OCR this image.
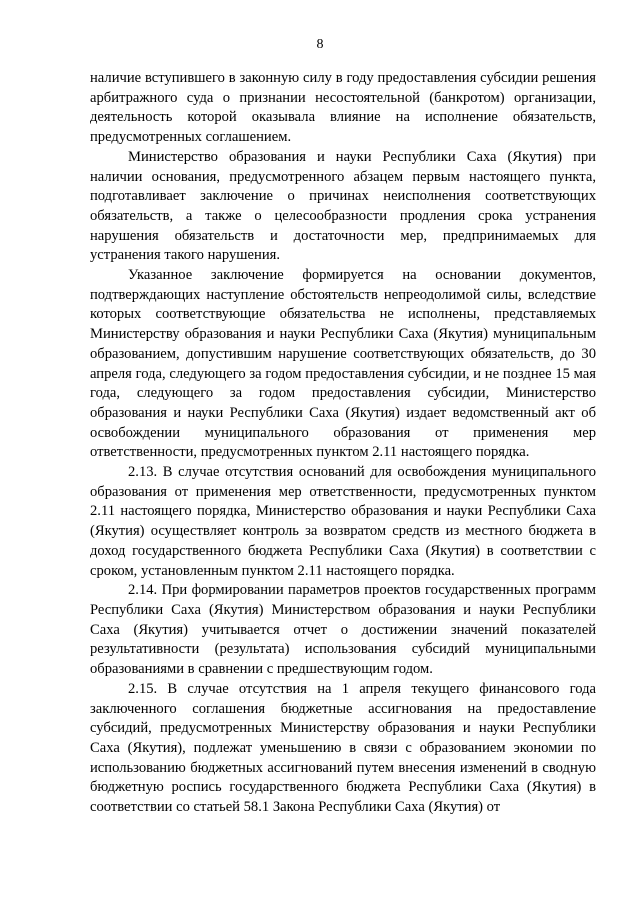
8

наличие вступившего в законную силу в году предоставления субсидии решения арбитражного суда о признании несостоятельной (банкротом) организации, деятельность которой оказывала влияние на исполнение обязательств, предусмотренных соглашением.

Министерство образования и науки Республики Саха (Якутия) при наличии основания, предусмотренного абзацем первым настоящего пункта, подготавливает заключение о причинах неисполнения соответствующих обязательств, а также о целесообразности продления срока устранения нарушения обязательств и достаточности мер, предпринимаемых для устранения такого нарушения.

Указанное заключение формируется на основании документов, подтверждающих наступление обстоятельств непреодолимой силы, вследствие которых соответствующие обязательства не исполнены, представляемых Министерству образования и науки Республики Саха (Якутия) муниципальным образованием, допустившим нарушение соответствующих обязательств, до 30 апреля года, следующего за годом предоставления субсидии, и не позднее 15 мая года, следующего за годом предоставления субсидии, Министерство образования и науки Республики Саха (Якутия) издает ведомственный акт об освобождении муниципального образования от применения мер ответственности, предусмотренных пунктом 2.11 настоящего порядка.

2.13. В случае отсутствия оснований для освобождения муниципального образования от применения мер ответственности, предусмотренных пунктом 2.11 настоящего порядка, Министерство образования и науки Республики Саха (Якутия) осуществляет контроль за возвратом средств из местного бюджета в доход государственного бюджета Республики Саха (Якутия) в соответствии с сроком, установленным пунктом 2.11 настоящего порядка.

2.14. При формировании параметров проектов государственных программ Республики Саха (Якутия) Министерством образования и науки Республики Саха (Якутия) учитывается отчет о достижении значений показателей результативности (результата) использования субсидий муниципальными образованиями в сравнении с предшествующим годом.

2.15. В случае отсутствия на 1 апреля текущего финансового года заключенного соглашения бюджетные ассигнования на предоставление субсидий, предусмотренных Министерству образования и науки Республики Саха (Якутия), подлежат уменьшению в связи с образованием экономии по использованию бюджетных ассигнований путем внесения изменений в сводную бюджетную роспись государственного бюджета Республики Саха (Якутия) в соответствии со статьей 58.1 Закона Республики Саха (Якутия) от
